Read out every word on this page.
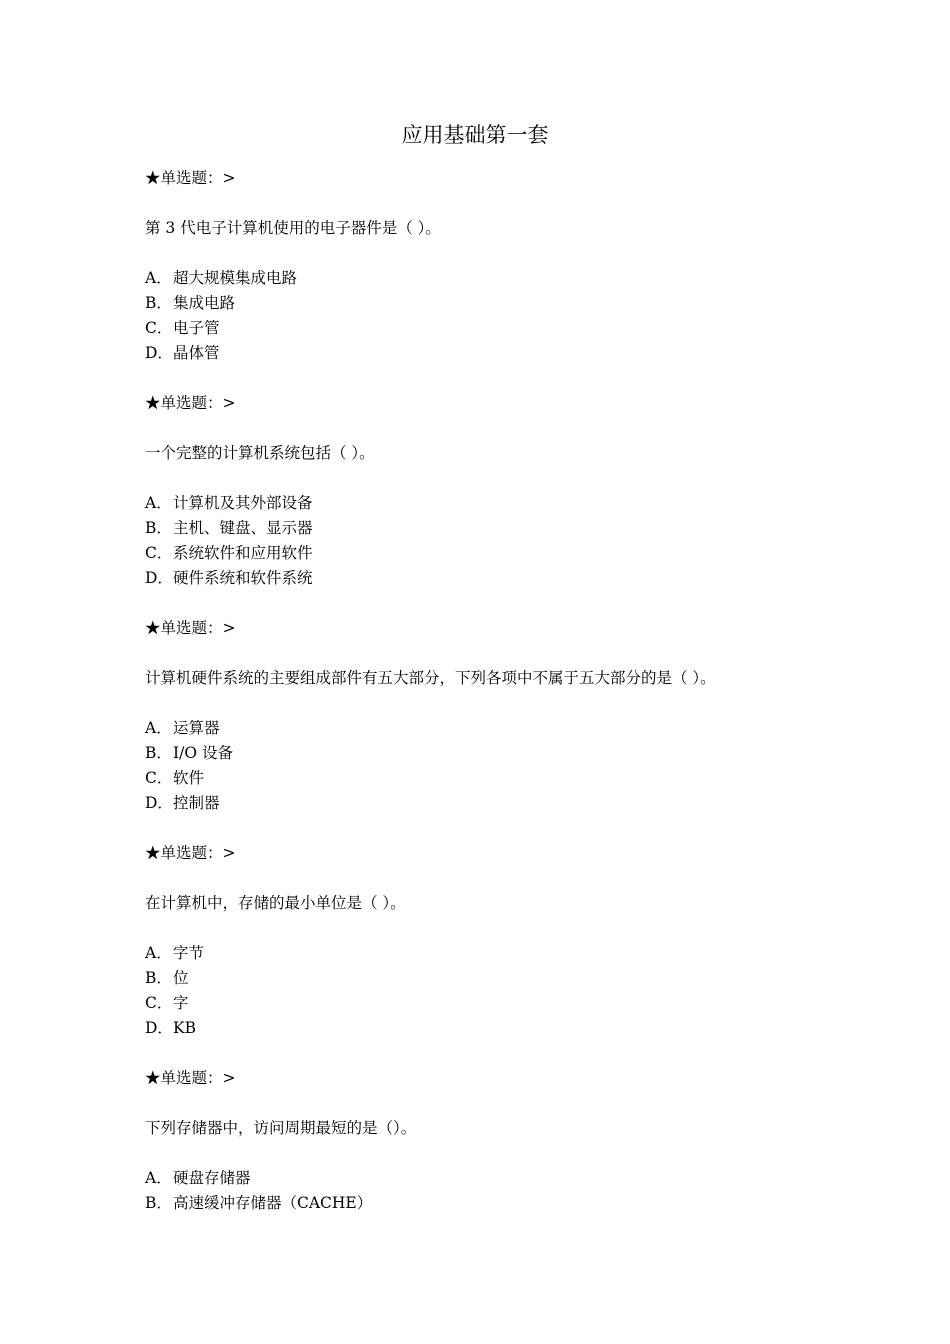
应用基础第一套

★单选题：>

第 3 代电子计算机使用的电子器件是（ ）。

A．超大规模集成电路

B．集成电路

C．电子管

D．晶体管

★单选题：>

一个完整的计算机系统包括（ ）。

A．计算机及其外部设备

B．主机、键盘、显示器

C．系统软件和应用软件

D．硬件系统和软件系统

★单选题：>

计算机硬件系统的主要组成部件有五大部分，下列各项中不属于五大部分的是（ ）。

A．运算器

B．I/O 设备

C．软件

D．控制器

★单选题：>

在计算机中，存储的最小单位是（ ）。

A．字节

B．位

C．字

D．KB

★单选题：>

下列存储器中，访问周期最短的是（）。

A．硬盘存储器

B．高速缓冲存储器（CACHE）
